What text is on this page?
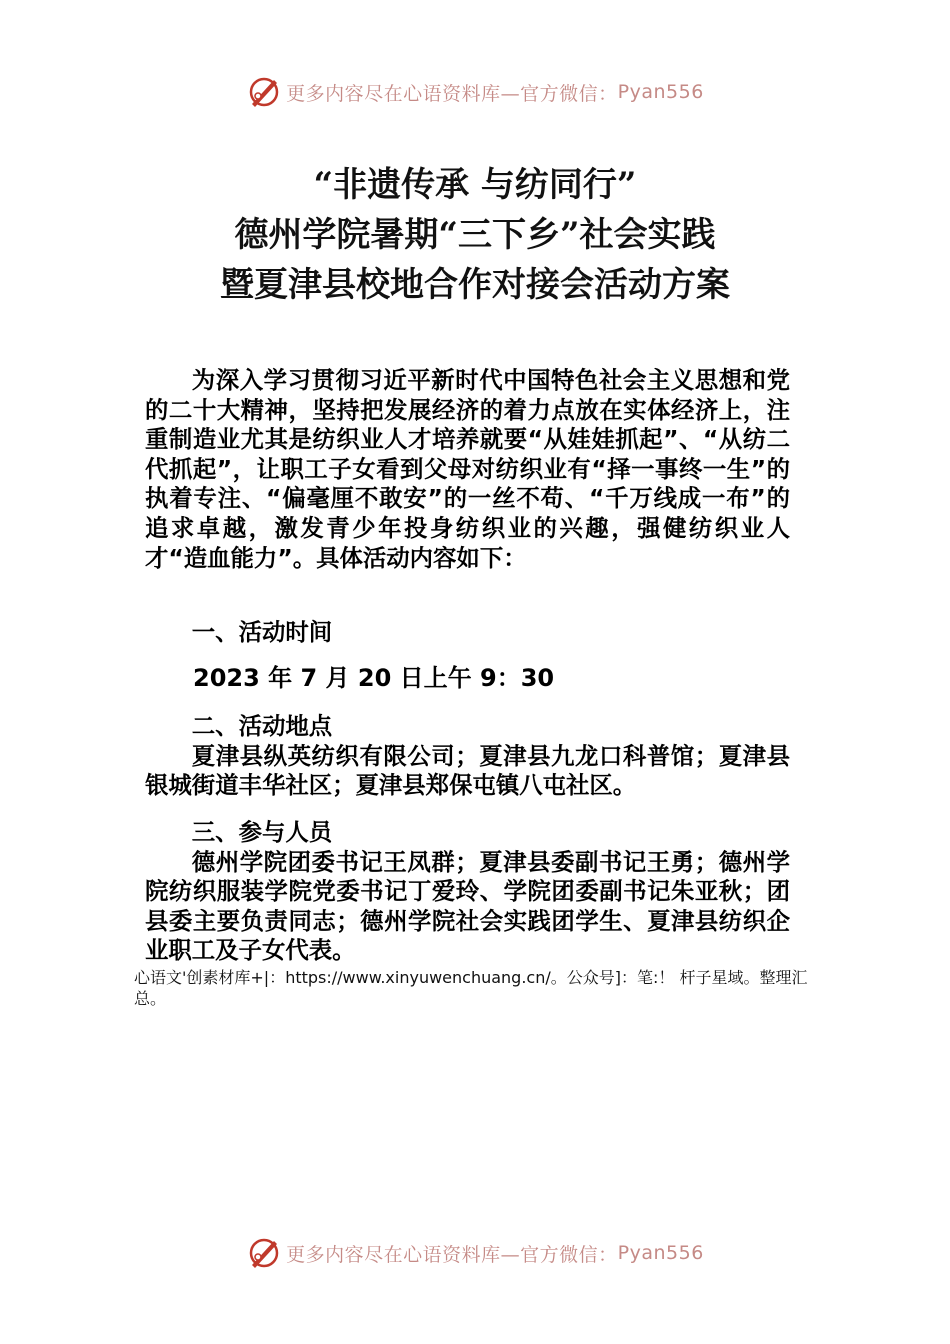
更多内容尽在心语资料库—官方微信： Pyan556
“非遗传承 与纺同行”
德州学院暑期“三下乡”社会实践
暨夏津县校地合作对接会活动方案

为深入学习贯彻习近平新时代中国特色社会主义思想和党的二十大精神，坚持把发展经济的着力点放在实体经济上，注重制造业尤其是纺织业人才培养就要“从娃娃抓起”、“从纺二代抓起”，让职工子女看到父母对纺织业有“择一事终一生”的执着专注、“偏毫厘不敢安”的一丝不苟、“千万线成一布”的追求卓越，激发青少年投身纺织业的兴趣，强健纺织业人才“造血能力”。具体活动内容如下：

一、活动时间

2023 年 7 月 20 日上午 9：30

二、活动地点

夏津县纵英纺织有限公司；夏津县九龙口科普馆；夏津县银城街道丰华社区；夏津县郑保屯镇八屯社区。

三、参与人员

德州学院团委书记王凤群；夏津县委副书记王勇；德州学院纺织服装学院党委书记丁爱玲、学院团委副书记朱亚秋；团县委主要负责同志；德州学院社会实践团学生、夏津县纺织企业职工及子女代表。

心语文'创素材库+|：https://www.xinyuwenchuang.cn/。公众号]：笔:！ 杆子星域。整理汇总。
更多内容尽在心语资料库—官方微信： Pyan556
